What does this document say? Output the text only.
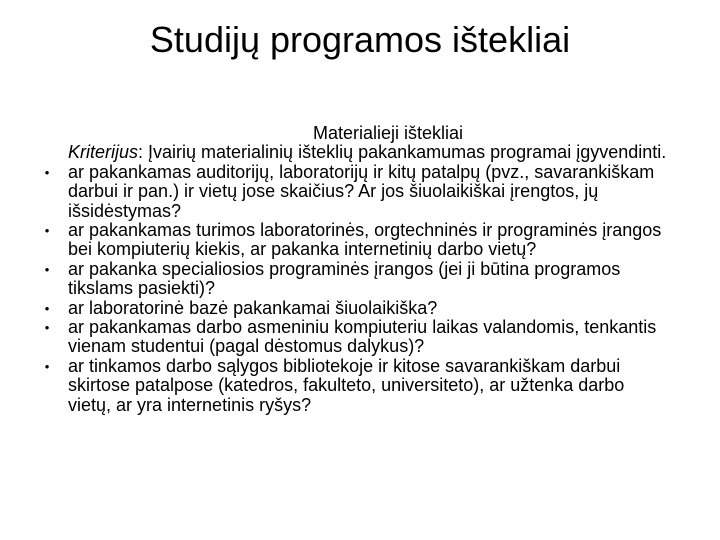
Studijų programos ištekliai
Materialieji ištekliai

Kriterijus: Įvairių materialinių išteklių pakankamumas programai įgyvendinti.

• ar pakankamas auditorijų, laboratorijų ir kitų patalpų (pvz., savarankiškam darbui ir pan.) ir vietų jose skaičius? Ar jos šiuolaikiškai įrengtos, jų išsidėstymas?
• ar pakankamas turimos laboratorinės, orgtechninės ir programinės įrangos bei kompiuterių kiekis, ar pakanka internetinių darbo vietų?
• ar pakanka specialiosios programinės įrangos (jei ji būtina programos tikslams pasiekti)?
• ar laboratorinė bazė pakankamai šiuolaikiška?
• ar pakankamas darbo asmeniniu kompiuteriu laikas valandomis, tenkantis vienam studentui (pagal dėstomus dalykus)?
• ar tinkamos darbo sąlygos bibliotekoje ir kitose savarankiškam darbui skirtose patalpose (katedros, fakulteto, universiteto), ar užtenka darbo vietų, ar yra internetinis ryšys?
